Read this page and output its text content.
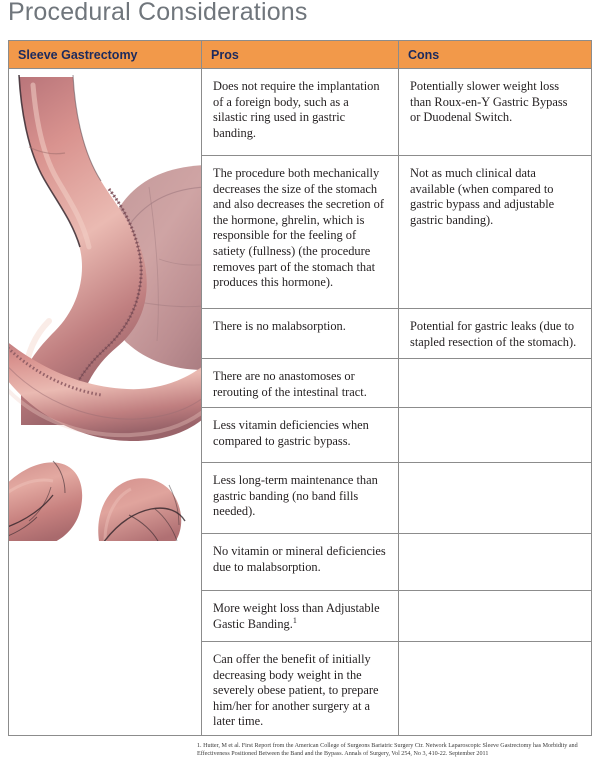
Procedural Considerations
Sleeve Gastrectomy	Pros	Cons
Does not require the implantation of a foreign body, such as a silastic ring used in gastric banding.
The procedure both mechanically decreases the size of the stomach and also decreases the secretion of the hormone, ghrelin, which is responsible for the feeling of satiety (fullness) (the procedure removes part of the stomach that produces this hormone).
There is no malabsorption.
There are no anastomoses or rerouting of the intestinal tract.
Less vitamin deficiencies when compared to gastric bypass.
Less long-term maintenance than gastric banding (no band fills needed).
No vitamin or mineral deficiencies due to malabsorption.
More weight loss than Adjustable Gastic Banding.$^1$
Can offer the benefit of initially decreasing body weight in the severely obese patient, to prepare him/her for another surgery at a later time.
Potentially slower weight loss than Roux-en-Y Gastric Bypass or Duodenal Switch.
Not as much clinical data available (when compared to gastric bypass and adjustable gastric banding).
Potential for gastric leaks (due to stapled resection of the stomach).
1. Hutter, M et al. First Report from the American College of Surgeons Bariatric Surgery Ctr. Network Laparoscopic Sleeve Gastrectomy has Morbidity and Effectiveness Positioned Between the Band and the Bypass. Annals of Surgery, Vol 254, No 3, 410-22. September 2011
